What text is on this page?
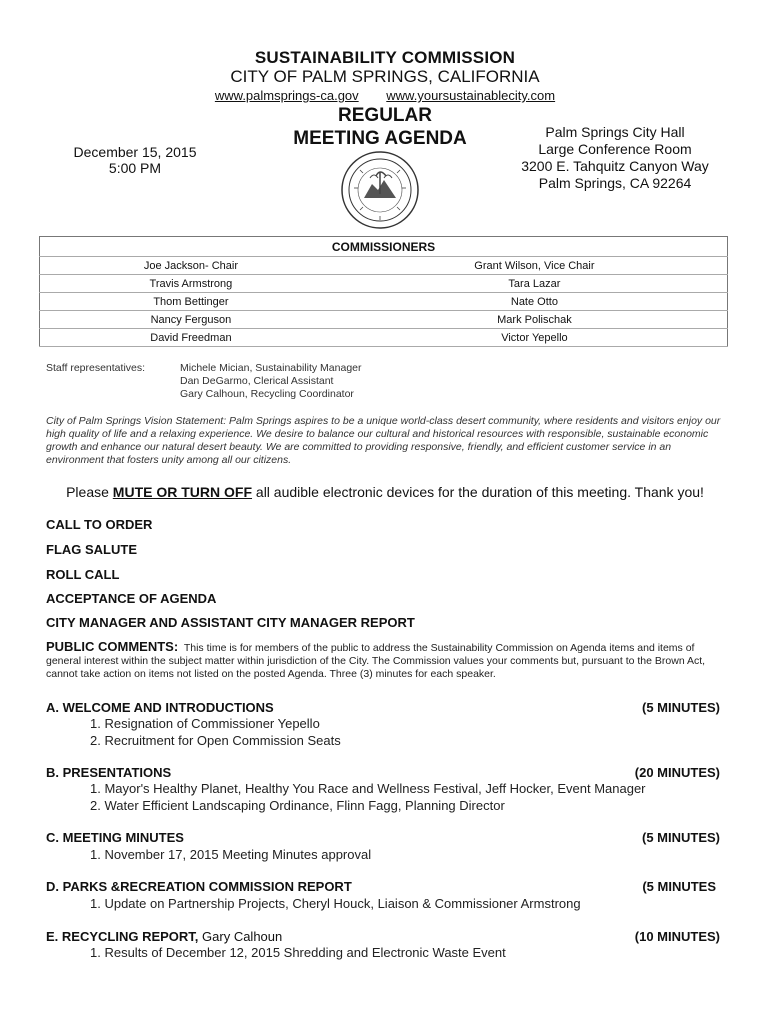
SUSTAINABILITY COMMISSION
CITY OF PALM SPRINGS, CALIFORNIA
www.palmsprings-ca.gov www.yoursustainablecity.com
REGULAR
MEETING AGENDA
December 15, 2015
5:00 PM
Palm Springs City Hall
Large Conference Room
3200 E. Tahquitz Canyon Way
Palm Springs, CA 92264
COMMISSIONERS	
Joe Jackson- Chair	Grant Wilson, Vice Chair
Travis Armstrong	Tara Lazar
Thom Bettinger	Nate Otto
Nancy Ferguson	Mark Polischak
David Freedman	Victor Yepello
Staff representatives:	Michele Mician, Sustainability Manager
Dan DeGarmo, Clerical Assistant
Gary Calhoun, Recycling Coordinator
City of Palm Springs Vision Statement: Palm Springs aspires to be a unique world-class desert community, where residents and visitors enjoy our high quality of life and a relaxing experience. We desire to balance our cultural and historical resources with responsible, sustainable economic growth and enhance our natural desert beauty. We are committed to providing responsive, friendly, and efficient customer service in an environment that fosters unity among all our citizens.
Please MUTE OR TURN OFF all audible electronic devices for the duration of this meeting. Thank you!
CALL TO ORDER
FLAG SALUTE
ROLL CALL
ACCEPTANCE OF AGENDA
CITY MANAGER AND ASSISTANT CITY MANAGER REPORT
PUBLIC COMMENTS: This time is for members of the public to address the Sustainability Commission on Agenda items and items of general interest within the subject matter within jurisdiction of the City. The Commission values your comments but, pursuant to the Brown Act, cannot take action on items not listed on the posted Agenda. Three (3) minutes for each speaker.
A. WELCOME AND INTRODUCTIONS	(5 MINUTES)
1. Resignation of Commissioner Yepello
2. Recruitment for Open Commission Seats
B. PRESENTATIONS	(20 MINUTES)
1. Mayor's Healthy Planet, Healthy You Race and Wellness Festival, Jeff Hocker, Event Manager
2. Water Efficient Landscaping Ordinance, Flinn Fagg, Planning Director
C. MEETING MINUTES	(5 MINUTES)
1. November 17, 2015 Meeting Minutes approval
D. PARKS &RECREATION COMMISSION REPORT	(5 MINUTES
1. Update on Partnership Projects, Cheryl Houck, Liaison & Commissioner Armstrong
E. RECYCLING REPORT, Gary Calhoun	(10 MINUTES)
1. Results of December 12, 2015 Shredding and Electronic Waste Event
